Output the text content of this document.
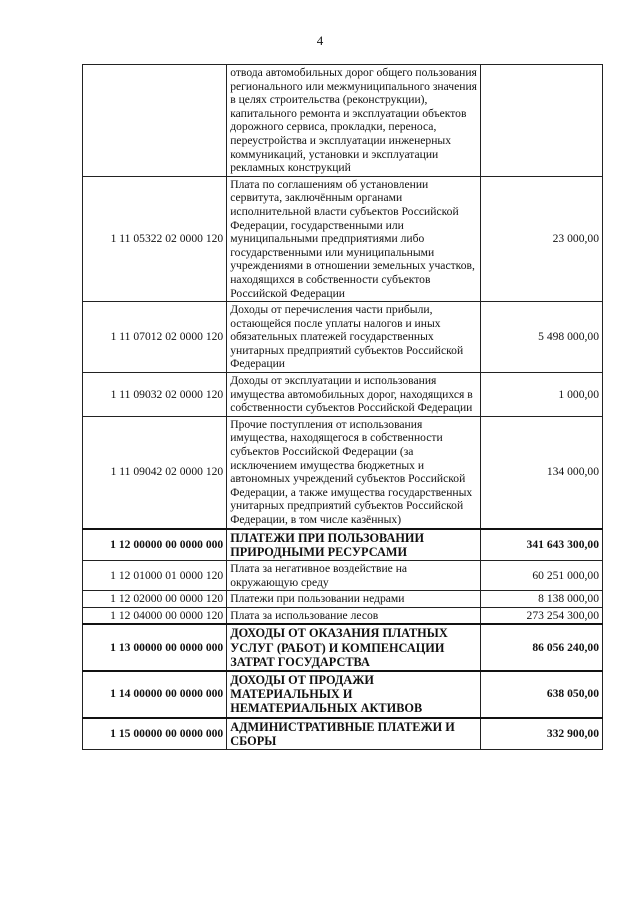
4
	отвода автомобильных дорог общего пользования регионального или межмуниципального значения в целях строительства (реконструкции), капитального ремонта и эксплуатации объектов дорожного сервиса, прокладки, переноса, переустройства и эксплуатации инженерных коммуникаций, установки и эксплуатации рекламных конструкций	
1 11 05322 02 0000 120	Плата по соглашениям об установлении сервитута, заключённым органами исполнительной власти субъектов Российской Федерации, государственными или муниципальными предприятиями либо государственными или муниципальными учреждениями в отношении земельных участков, находящихся в собственности субъектов Российской Федерации	23 000,00
1 11 07012 02 0000 120	Доходы от перечисления части прибыли, остающейся после уплаты налогов и иных обязательных платежей государственных унитарных предприятий субъектов Российской Федерации	5 498 000,00
1 11 09032 02 0000 120	Доходы от эксплуатации и использования имущества автомобильных дорог, находящихся в собственности субъектов Российской Федерации	1 000,00
1 11 09042 02 0000 120	Прочие поступления от использования имущества, находящегося в собственности субъектов Российской Федерации (за исключением имущества бюджетных и автономных учреждений субъектов Российской Федерации, а также имущества государственных унитарных предприятий субъектов Российской Федерации, в том числе казённых)	134 000,00
1 12 00000 00 0000 000	ПЛАТЕЖИ ПРИ ПОЛЬЗОВАНИИ ПРИРОДНЫМИ РЕСУРСАМИ	341 643 300,00
1 12 01000 01 0000 120	Плата за негативное воздействие на окружающую среду	60 251 000,00
1 12 02000 00 0000 120	Платежи при пользовании недрами	8 138 000,00
1 12 04000 00 0000 120	Плата за использование лесов	273 254 300,00
1 13 00000 00 0000 000	ДОХОДЫ ОТ ОКАЗАНИЯ ПЛАТНЫХ УСЛУГ (РАБОТ) И КОМПЕНСАЦИИ ЗАТРАТ ГОСУДАРСТВА	86 056 240,00
1 14 00000 00 0000 000	ДОХОДЫ ОТ ПРОДАЖИ МАТЕРИАЛЬНЫХ И НЕМАТЕРИАЛЬНЫХ АКТИВОВ	638 050,00
1 15 00000 00 0000 000	АДМИНИСТРАТИВНЫЕ ПЛАТЕЖИ И СБОРЫ	332 900,00
